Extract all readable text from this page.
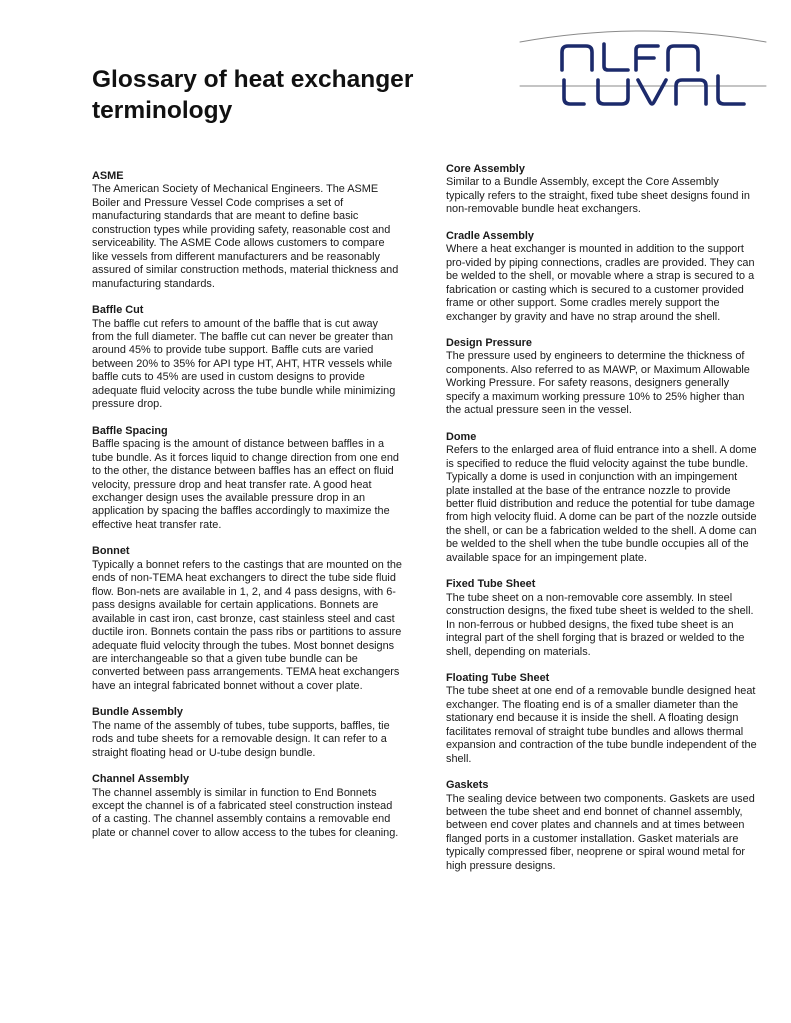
Glossary of heat exchanger terminology
ASME
The American Society of Mechanical Engineers. The ASME Boiler and Pressure Vessel Code comprises a set of manufacturing standards that are meant to define basic construction types while providing safety, reasonable cost and serviceability. The ASME Code allows customers to compare like vessels from different manufacturers and be reasonably assured of similar construction methods, material thickness and manufacturing standards.
Baffle Cut
The baffle cut refers to amount of the baffle that is cut away from the full diameter. The baffle cut can never be greater than around 45% to provide tube support. Baffle cuts are varied between 20% to 35% for API type HT, AHT, HTR vessels while baffle cuts to 45% are used in custom designs to provide adequate fluid velocity across the tube bundle while minimizing pressure drop.
Baffle Spacing
Baffle spacing is the amount of distance between baffles in a tube bundle. As it forces liquid to change direction from one end to the other, the distance between baffles has an effect on fluid velocity, pressure drop and heat transfer rate. A good heat exchanger design uses the available pressure drop in an application by spacing the baffles accordingly to maximize the effective heat transfer rate.
Bonnet
Typically a bonnet refers to the castings that are mounted on the ends of non-TEMA heat exchangers to direct the tube side fluid flow. Bon-nets are available in 1, 2, and 4 pass designs, with 6-pass designs available for certain applications. Bonnets are available in cast iron, cast bronze, cast stainless steel and cast ductile iron. Bonnets contain the pass ribs or partitions to assure adequate fluid velocity through the tubes. Most bonnet designs are interchangeable so that a given tube bundle can be converted between pass arrangements. TEMA heat exchangers have an integral fabricated bonnet without a cover plate.
Bundle Assembly
The name of the assembly of tubes, tube supports, baffles, tie rods and tube sheets for a removable design. It can refer to a straight floating head or U-tube design bundle.
Channel Assembly
The channel assembly is similar in function to End Bonnets except the channel is of a fabricated steel construction instead of a casting. The channel assembly contains a removable end plate or channel cover to allow access to the tubes for cleaning.
Core Assembly
Similar to a Bundle Assembly, except the Core Assembly typically refers to the straight, fixed tube sheet designs found in non-removable bundle heat exchangers.
Cradle Assembly
Where a heat exchanger is mounted in addition to the support pro-vided by piping connections, cradles are provided. They can be welded to the shell, or movable where a strap is secured to a fabrication or casting which is secured to a customer provided frame or other support. Some cradles merely support the exchanger by gravity and have no strap around the shell.
Design Pressure
The pressure used by engineers to determine the thickness of components. Also referred to as MAWP, or Maximum Allowable Working Pressure. For safety reasons, designers generally specify a maximum working pressure 10% to 25% higher than the actual pressure seen in the vessel.
Dome
Refers to the enlarged area of fluid entrance into a shell. A dome is specified to reduce the fluid velocity against the tube bundle. Typically a dome is used in conjunction with an impingement plate installed at the base of the entrance nozzle to provide better fluid distribution and reduce the potential for tube damage from high velocity fluid. A dome can be part of the nozzle outside the shell, or can be a fabrication welded to the shell. A dome can be welded to the shell when the tube bundle occupies all of the available space for an impingement plate.
Fixed Tube Sheet
The tube sheet on a non-removable core assembly. In steel construction designs, the fixed tube sheet is welded to the shell. In non-ferrous or hubbed designs, the fixed tube sheet is an integral part of the shell forging that is brazed or welded to the shell, depending on materials.
Floating Tube Sheet
The tube sheet at one end of a removable bundle designed heat exchanger. The floating end is of a smaller diameter than the stationary end because it is inside the shell. A floating design facilitates removal of straight tube bundles and allows thermal expansion and contraction of the tube bundle independent of the shell.
Gaskets
The sealing device between two components. Gaskets are used between the tube sheet and end bonnet of channel assembly, between end cover plates and channels and at times between flanged ports in a customer installation. Gasket materials are typically compressed fiber, neoprene or spiral wound metal for high pressure designs.
